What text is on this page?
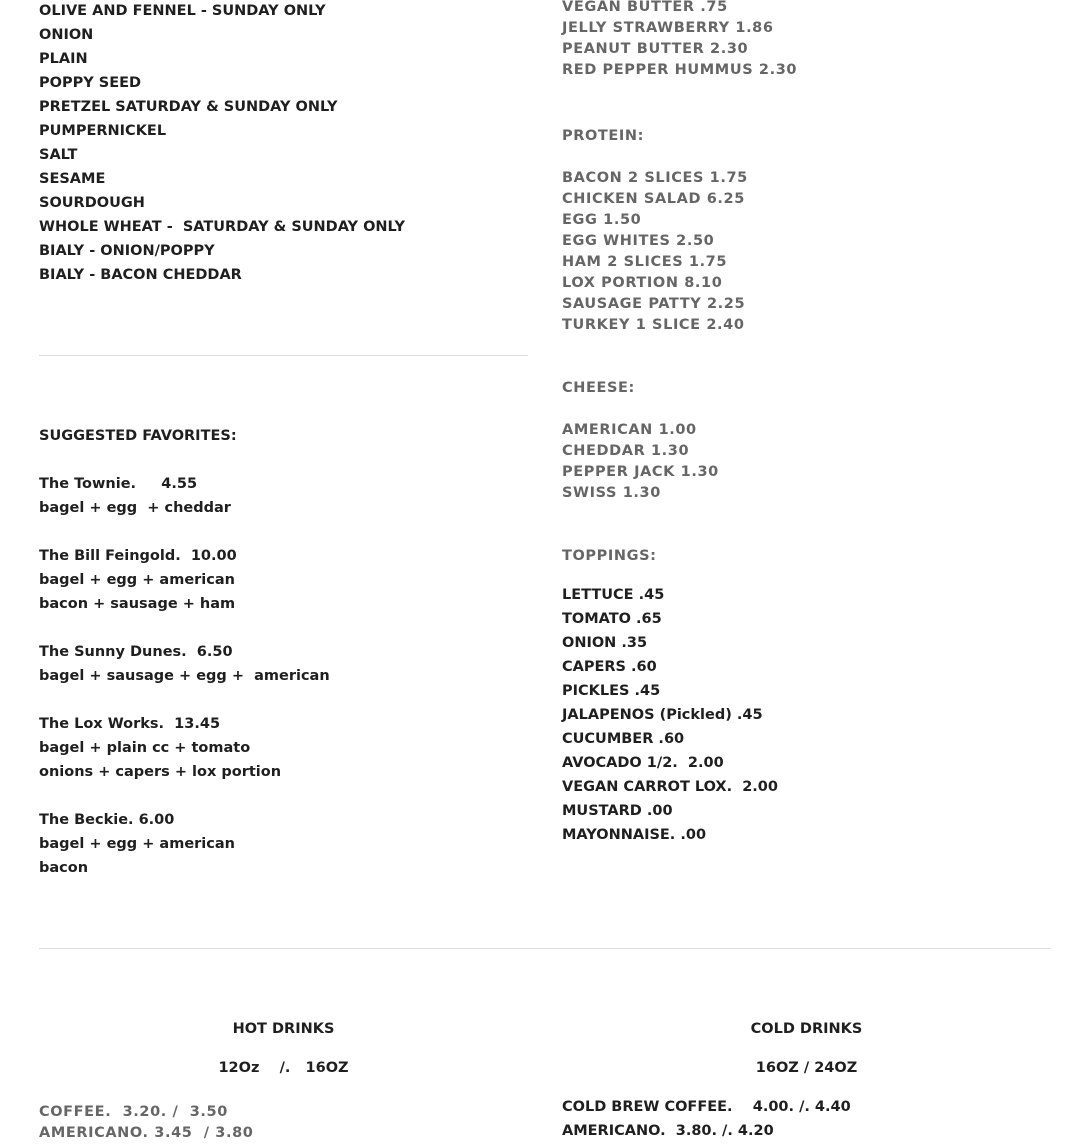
OLIVE AND FENNEL - SUNDAY ONLY
ONION
PLAIN
POPPY SEED
PRETZEL SATURDAY & SUNDAY ONLY
PUMPERNICKEL
SALT
SESAME
SOURDOUGH
WHOLE WHEAT -  SATURDAY & SUNDAY ONLY
BIALY - ONION/POPPY
BIALY - BACON CHEDDAR
SUGGESTED FAVORITES:
The Townie.     4.55
bagel + egg  + cheddar
The Bill Feingold.  10.00
bagel + egg + american
bacon + sausage + ham
The Sunny Dunes.  6.50
bagel + sausage + egg +  american
The Lox Works.  13.45
bagel + plain cc + tomato
onions + capers + lox portion
The Beckie. 6.00
bagel + egg + american
bacon
VEGAN BUTTER .75
JELLY STRAWBERRY 1.86
PEANUT BUTTER 2.30
RED PEPPER HUMMUS 2.30
PROTEIN:
BACON 2 SLICES 1.75
CHICKEN SALAD 6.25
EGG 1.50
EGG WHITES 2.50
HAM 2 SLICES 1.75
LOX PORTION 8.10
SAUSAGE PATTY 2.25
TURKEY 1 SLICE 2.40
CHEESE:
AMERICAN 1.00
CHEDDAR 1.30
PEPPER JACK 1.30
SWISS 1.30
TOPPINGS:
LETTUCE .45
TOMATO .65
ONION .35
CAPERS .60
PICKLES .45
JALAPENOS (Pickled) .45
CUCUMBER .60
AVOCADO 1/2.  2.00
VEGAN CARROT LOX.  2.00
MUSTARD .00
MAYONNAISE. .00
HOT DRINKS
12Oz    /.   16OZ
COFFEE.  3.20. /  3.50
AMERICANO. 3.45  / 3.80
COLD DRINKS
16OZ / 24OZ
COLD BREW COFFEE.    4.00. /. 4.40
AMERICANO.  3.80. /. 4.20
